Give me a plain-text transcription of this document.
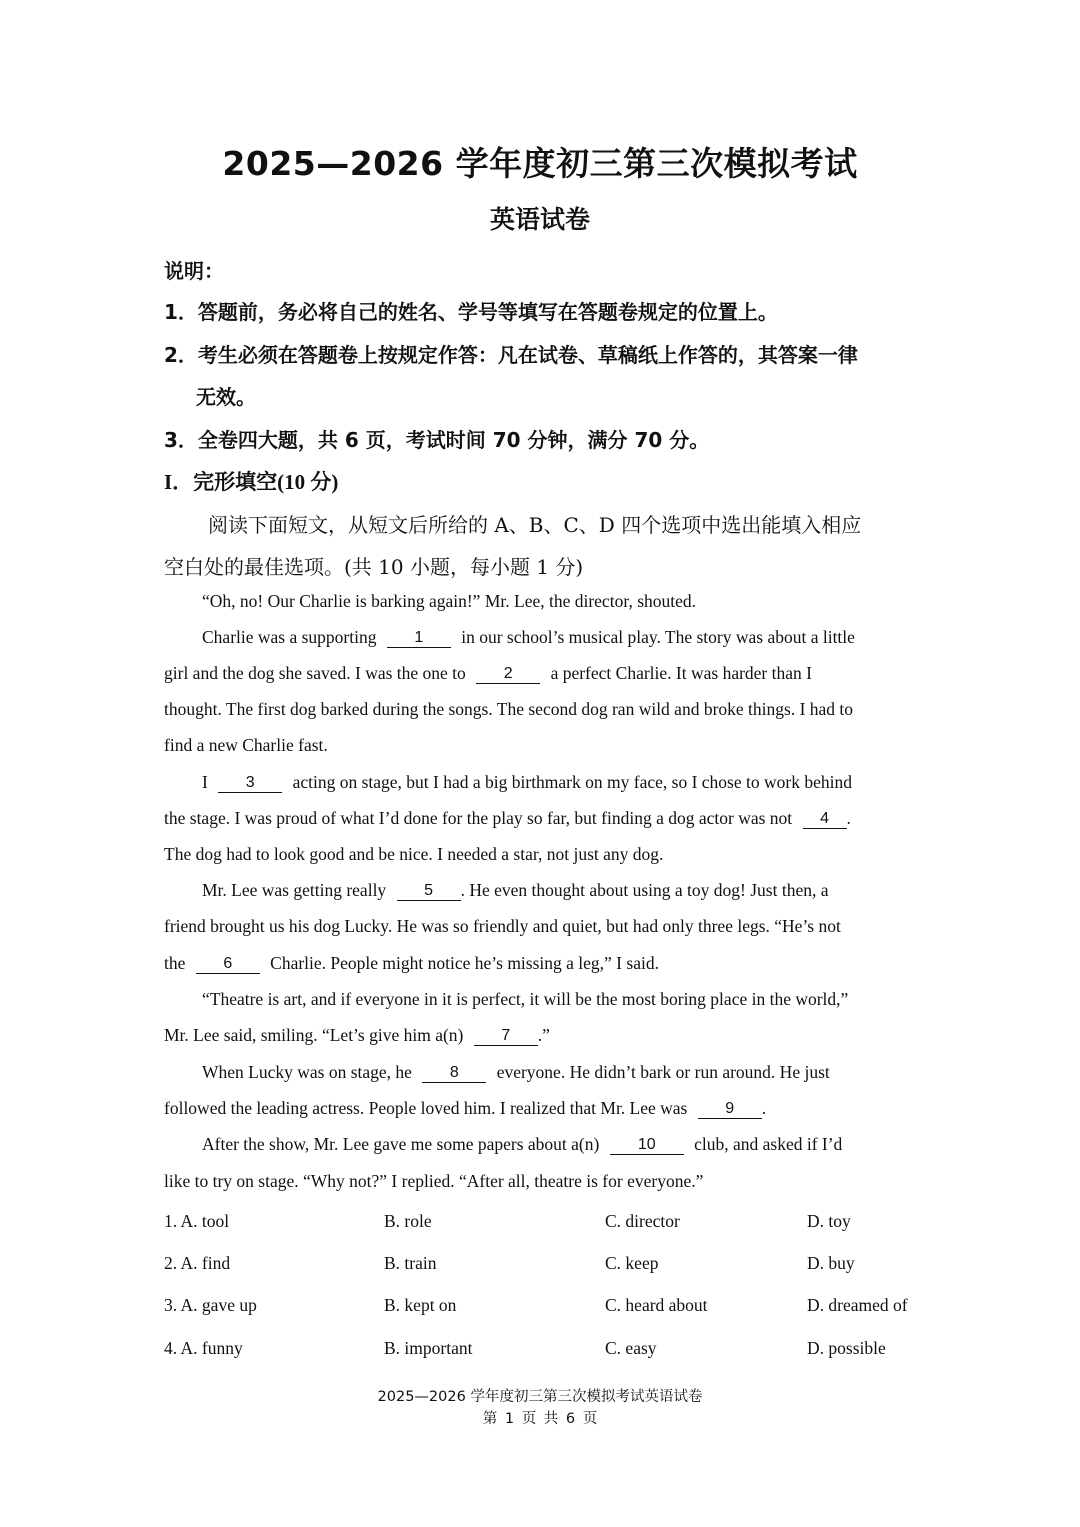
2025—2026 学年度初三第三次模拟考试
英语试卷
说明：
1．答题前，务必将自己的姓名、学号等填写在答题卷规定的位置上。
2．考生必须在答题卷上按规定作答：凡在试卷、草稿纸上作答的，其答案一律
无效。
3．全卷四大题，共 6 页，考试时间 70 分钟，满分 70 分。
I．完形填空(10 分)
阅读下面短文，从短文后所给的 A、B、C、D 四个选项中选出能填入相应
空白处的最佳选项。(共 10 小题，每小题 1 分)
“Oh, no! Our Charlie is barking again!” Mr. Lee, the director, shouted.
Charlie was a supporting 1 in our school’s musical play. The story was about a little
girl and the dog she saved. I was the one to 2 a perfect Charlie. It was harder than I
thought. The first dog barked during the songs. The second dog ran wild and broke things. I had to
find a new Charlie fast.
I 3 acting on stage, but I had a big birthmark on my face, so I chose to work behind
the stage. I was proud of what I’d done for the play so far, but finding a dog actor was not 4 .
The dog had to look good and be nice. I needed a star, not just any dog.
Mr. Lee was getting really 5 . He even thought about using a toy dog! Just then, a
friend brought us his dog Lucky. He was so friendly and quiet, but had only three legs. “He’s not
the 6 Charlie. People might notice he’s missing a leg,” I said.
“Theatre is art, and if everyone in it is perfect, it will be the most boring place in the world,”
Mr. Lee said, smiling. “Let’s give him a(n) 7 .”
When Lucky was on stage, he 8 everyone. He didn’t bark or run around. He just
followed the leading actress. People loved him. I realized that Mr. Lee was 9 .
After the show, Mr. Lee gave me some papers about a(n) 10 club, and asked if I’d
like to try on stage. “Why not?” I replied. “After all, theatre is for everyone.”
1. A. tool	B. role	C. director	D. toy
2. A. find	B. train	C. keep	D. buy
3. A. gave up	B. kept on	C. heard about	D. dreamed of
4. A. funny	B. important	C. easy	D. possible
2025—2026 学年度初三第三次模拟考试英语试卷
第 1 页 共 6 页
